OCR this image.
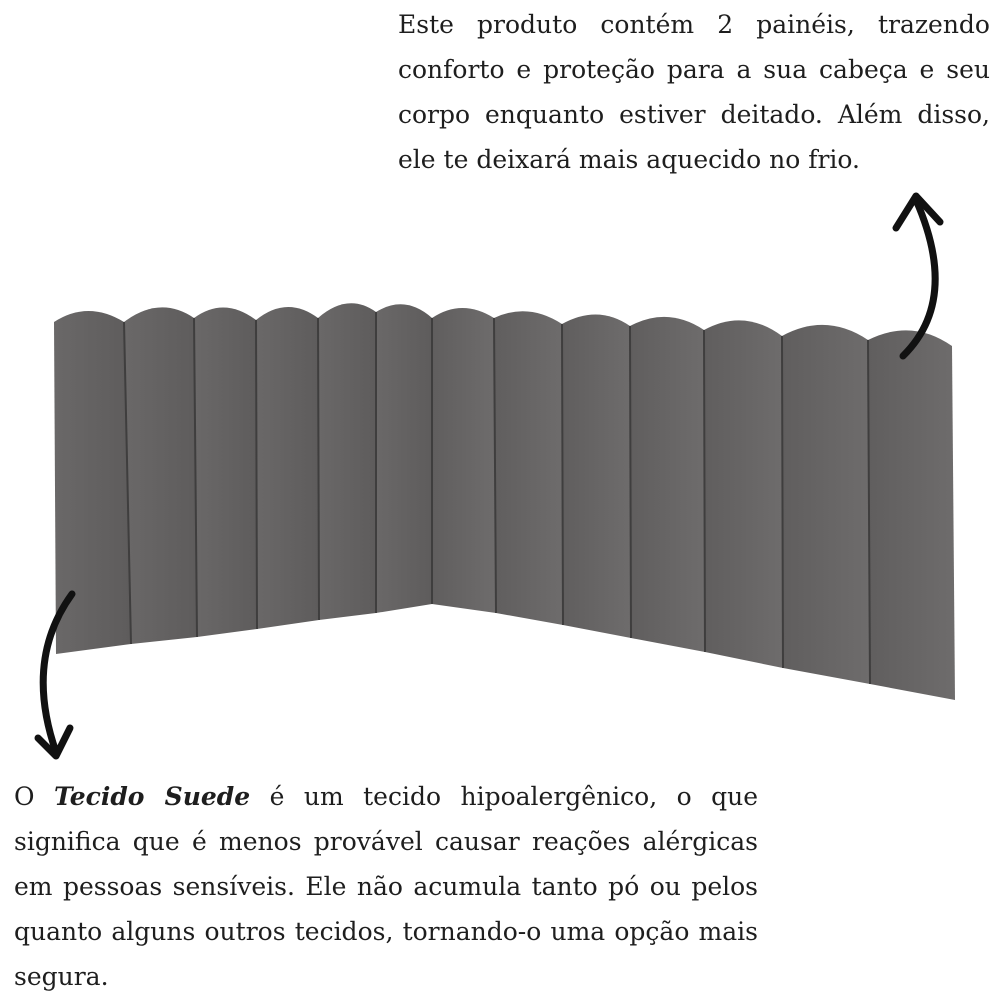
Este produto contém 2 painéis, trazendo conforto e proteção para a sua cabeça e seu corpo enquanto estiver deitado. Além disso, ele te deixará mais aquecido no frio.

O Tecido Suede é um tecido hipoalergênico, o que significa que é menos provável causar reações alérgicas em pessoas sensíveis. Ele não acumula tanto pó ou pelos quanto alguns outros tecidos, tornando-o uma opção mais segura.
